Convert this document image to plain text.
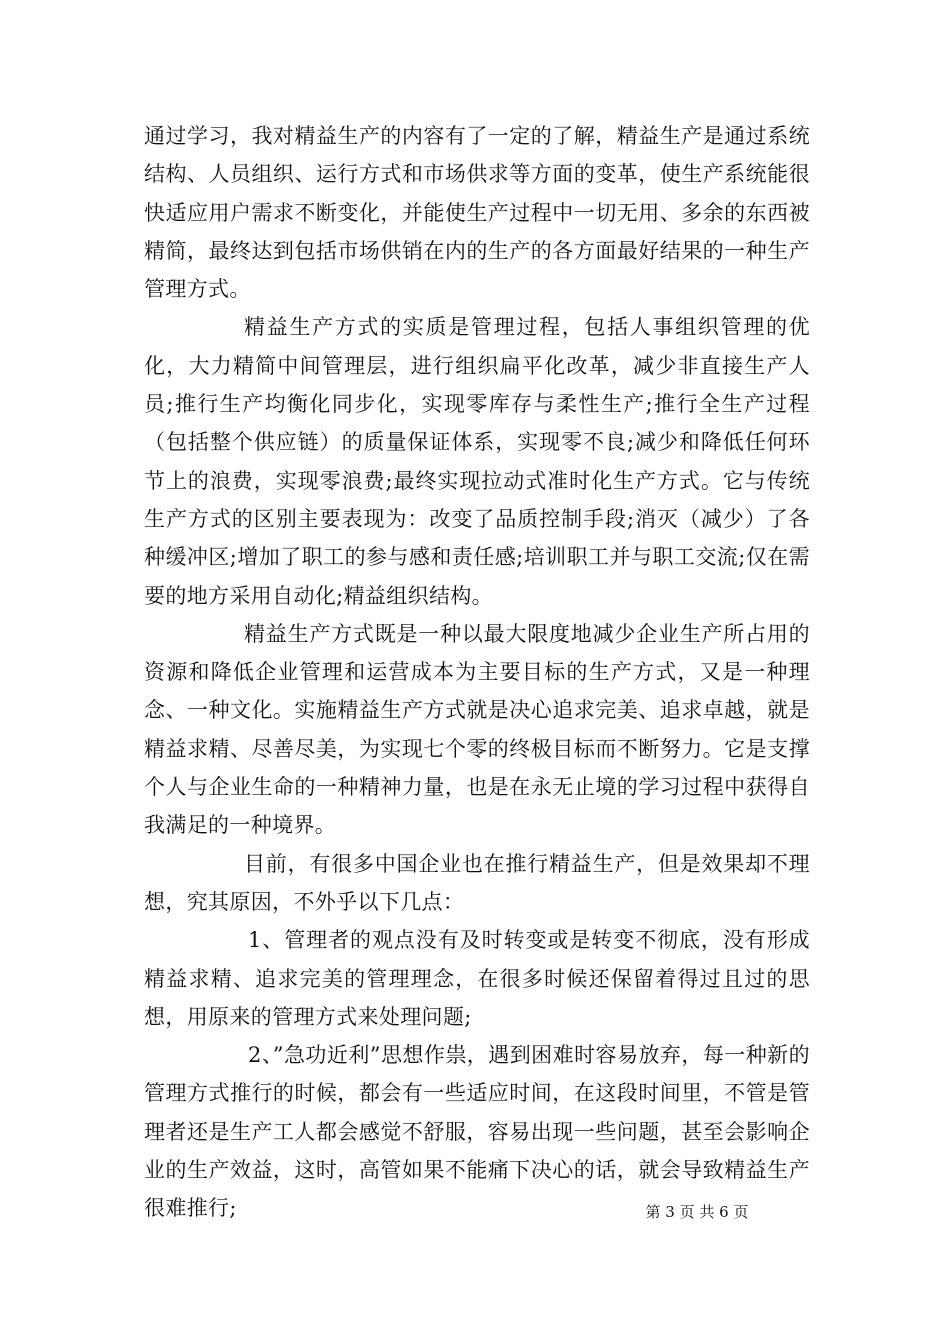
通过学习，我对精益生产的内容有了一定的了解，精益生产是通过系统结构、人员组织、运行方式和市场供求等方面的变革，使生产系统能很快适应用户需求不断变化，并能使生产过程中一切无用、多余的东西被精简，最终达到包括市场供销在内的生产的各方面最好结果的一种生产管理方式。

精益生产方式的实质是管理过程，包括人事组织管理的优化，大力精简中间管理层，进行组织扁平化改革，减少非直接生产人员;推行生产均衡化同步化，实现零库存与柔性生产;推行全生产过程（包括整个供应链）的质量保证体系，实现零不良;减少和降低任何环节上的浪费，实现零浪费;最终实现拉动式准时化生产方式。它与传统生产方式的区别主要表现为：改变了品质控制手段;消灭（减少）了各种缓冲区;增加了职工的参与感和责任感;培训职工并与职工交流;仅在需要的地方采用自动化;精益组织结构。

精益生产方式既是一种以最大限度地减少企业生产所占用的资源和降低企业管理和运营成本为主要目标的生产方式，又是一种理念、一种文化。实施精益生产方式就是决心追求完美、追求卓越，就是精益求精、尽善尽美，为实现七个零的终极目标而不断努力。它是支撑个人与企业生命的一种精神力量，也是在永无止境的学习过程中获得自我满足的一种境界。

目前，有很多中国企业也在推行精益生产，但是效果却不理想，究其原因，不外乎以下几点：

1、管理者的观点没有及时转变或是转变不彻底，没有形成精益求精、追求完美的管理理念，在很多时候还保留着得过且过的思想，用原来的管理方式来处理问题;

2、”急功近利”思想作祟，遇到困难时容易放弃，每一种新的管理方式推行的时候，都会有一些适应时间，在这段时间里，不管是管理者还是生产工人都会感觉不舒服，容易出现一些问题，甚至会影响企业的生产效益，这时，高管如果不能痛下决心的话，就会导致精益生产很难推行;	第 3 页 共 6 页
